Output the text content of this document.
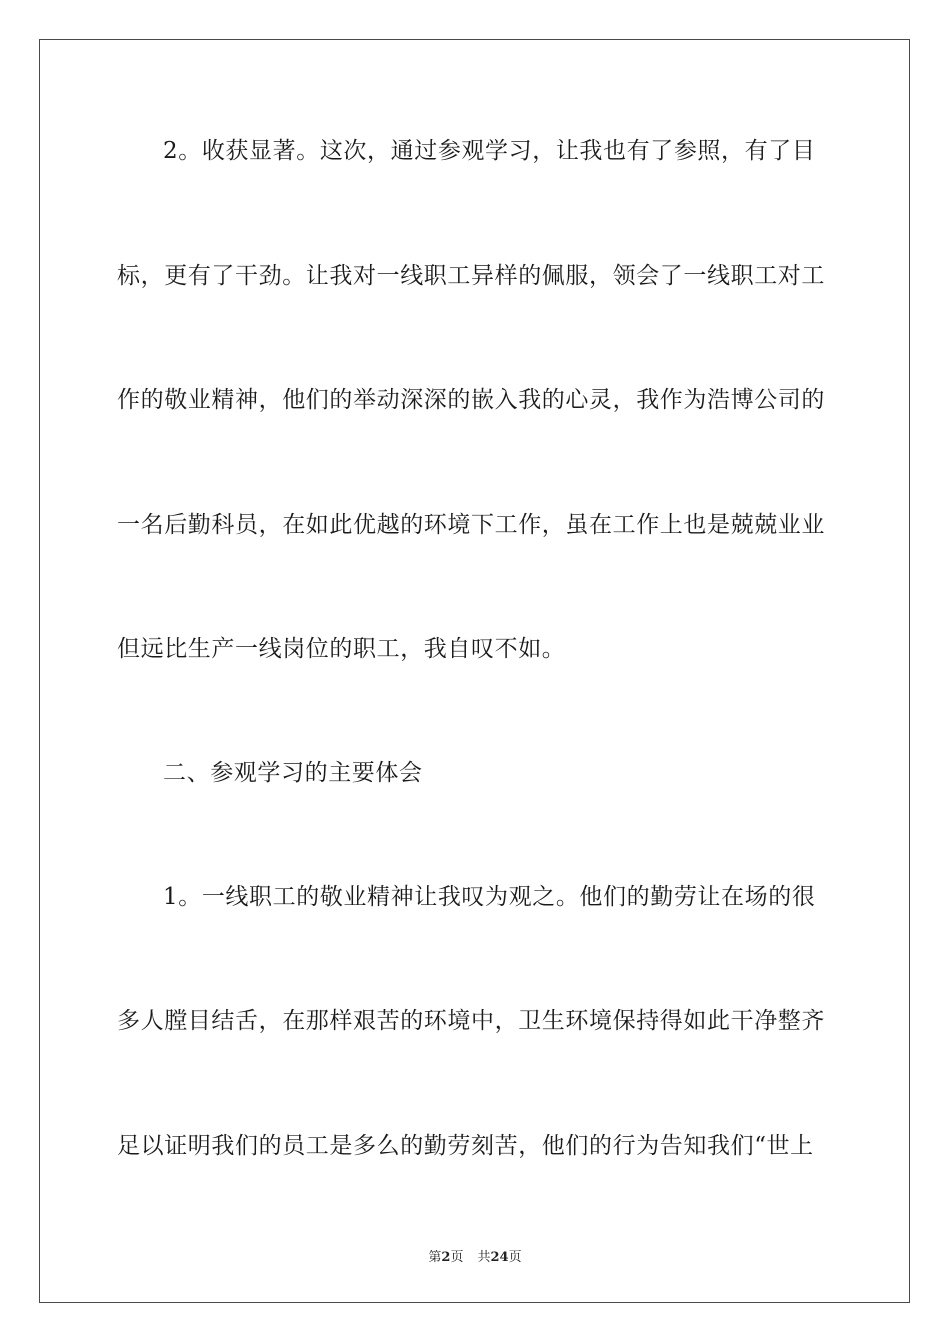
2。收获显著。这次，通过参观学习，让我也有了参照，有了目
标，更有了干劲。让我对一线职工异样的佩服，领会了一线职工对工
作的敬业精神，他们的举动深深的嵌入我的心灵，我作为浩博公司的
一名后勤科员，在如此优越的环境下工作，虽在工作上也是兢兢业业
但远比生产一线岗位的职工，我自叹不如。
二、参观学习的主要体会
1。一线职工的敬业精神让我叹为观之。他们的勤劳让在场的很
多人膛目结舌，在那样艰苦的环境中，卫生环境保持得如此干净整齐
足以证明我们的员工是多么的勤劳刻苦，他们的行为告知我们“世上
第2页 共24页
